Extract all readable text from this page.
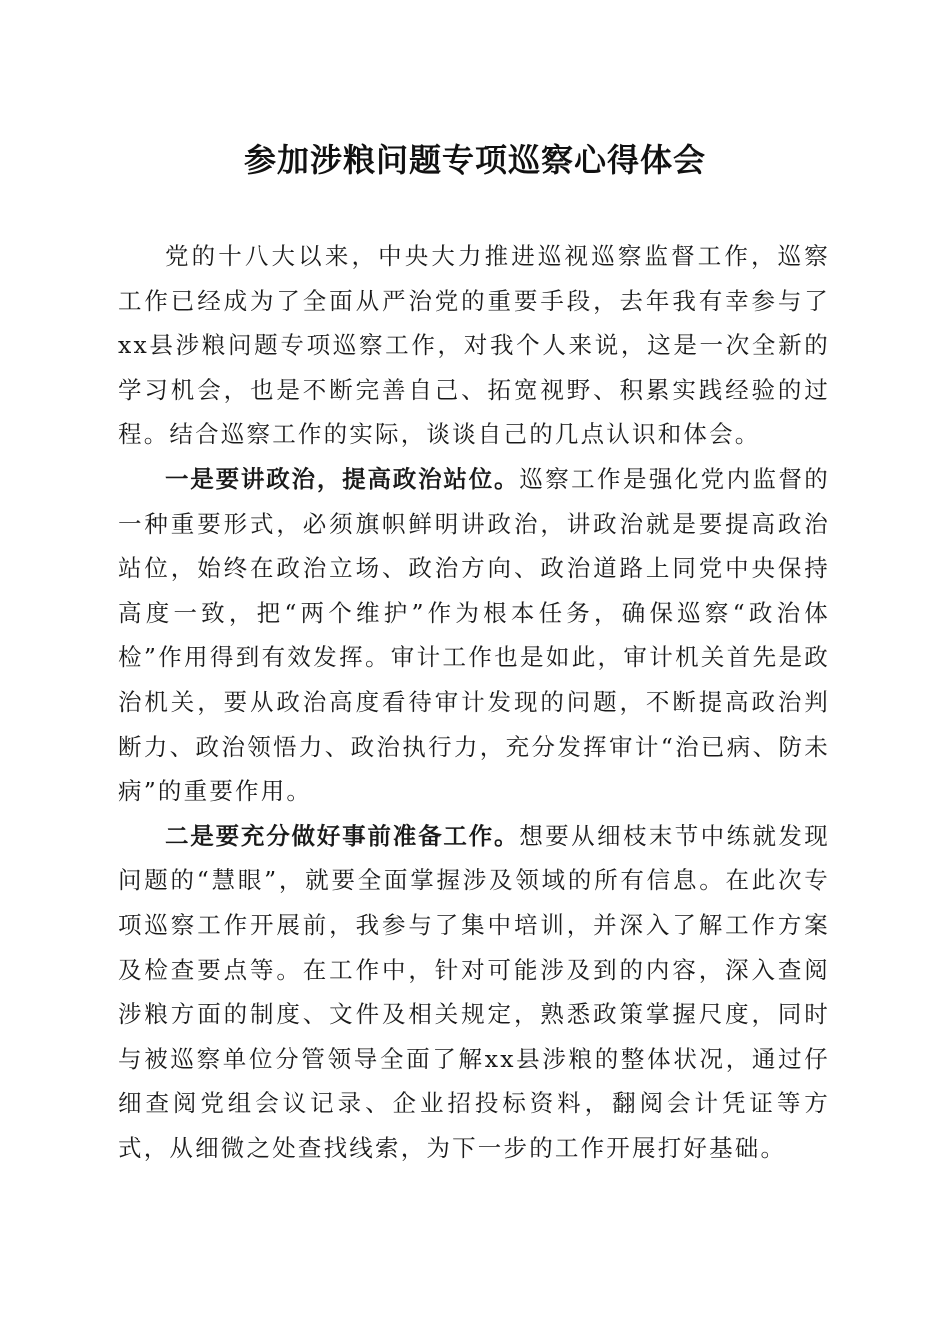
参加涉粮问题专项巡察心得体会

党的十八大以来，中央大力推进巡视巡察监督工作，巡察工作已经成为了全面从严治党的重要手段，去年我有幸参与了xx县涉粮问题专项巡察工作，对我个人来说，这是一次全新的学习机会，也是不断完善自己、拓宽视野、积累实践经验的过程。结合巡察工作的实际，谈谈自己的几点认识和体会。

一是要讲政治，提高政治站位。巡察工作是强化党内监督的一种重要形式，必须旗帜鲜明讲政治，讲政治就是要提高政治站位，始终在政治立场、政治方向、政治道路上同党中央保持高度一致，把“两个维护”作为根本任务，确保巡察“政治体检”作用得到有效发挥。审计工作也是如此，审计机关首先是政治机关，要从政治高度看待审计发现的问题，不断提高政治判断力、政治领悟力、政治执行力，充分发挥审计“治已病、防未病”的重要作用。

二是要充分做好事前准备工作。想要从细枝末节中练就发现问题的“慧眼”，就要全面掌握涉及领域的所有信息。在此次专项巡察工作开展前，我参与了集中培训，并深入了解工作方案及检查要点等。在工作中，针对可能涉及到的内容，深入查阅涉粮方面的制度、文件及相关规定，熟悉政策掌握尺度，同时与被巡察单位分管领导全面了解xx县涉粮的整体状况，通过仔细查阅党组会议记录、企业招投标资料，翻阅会计凭证等方式，从细微之处查找线索，为下一步的工作开展打好基础。
